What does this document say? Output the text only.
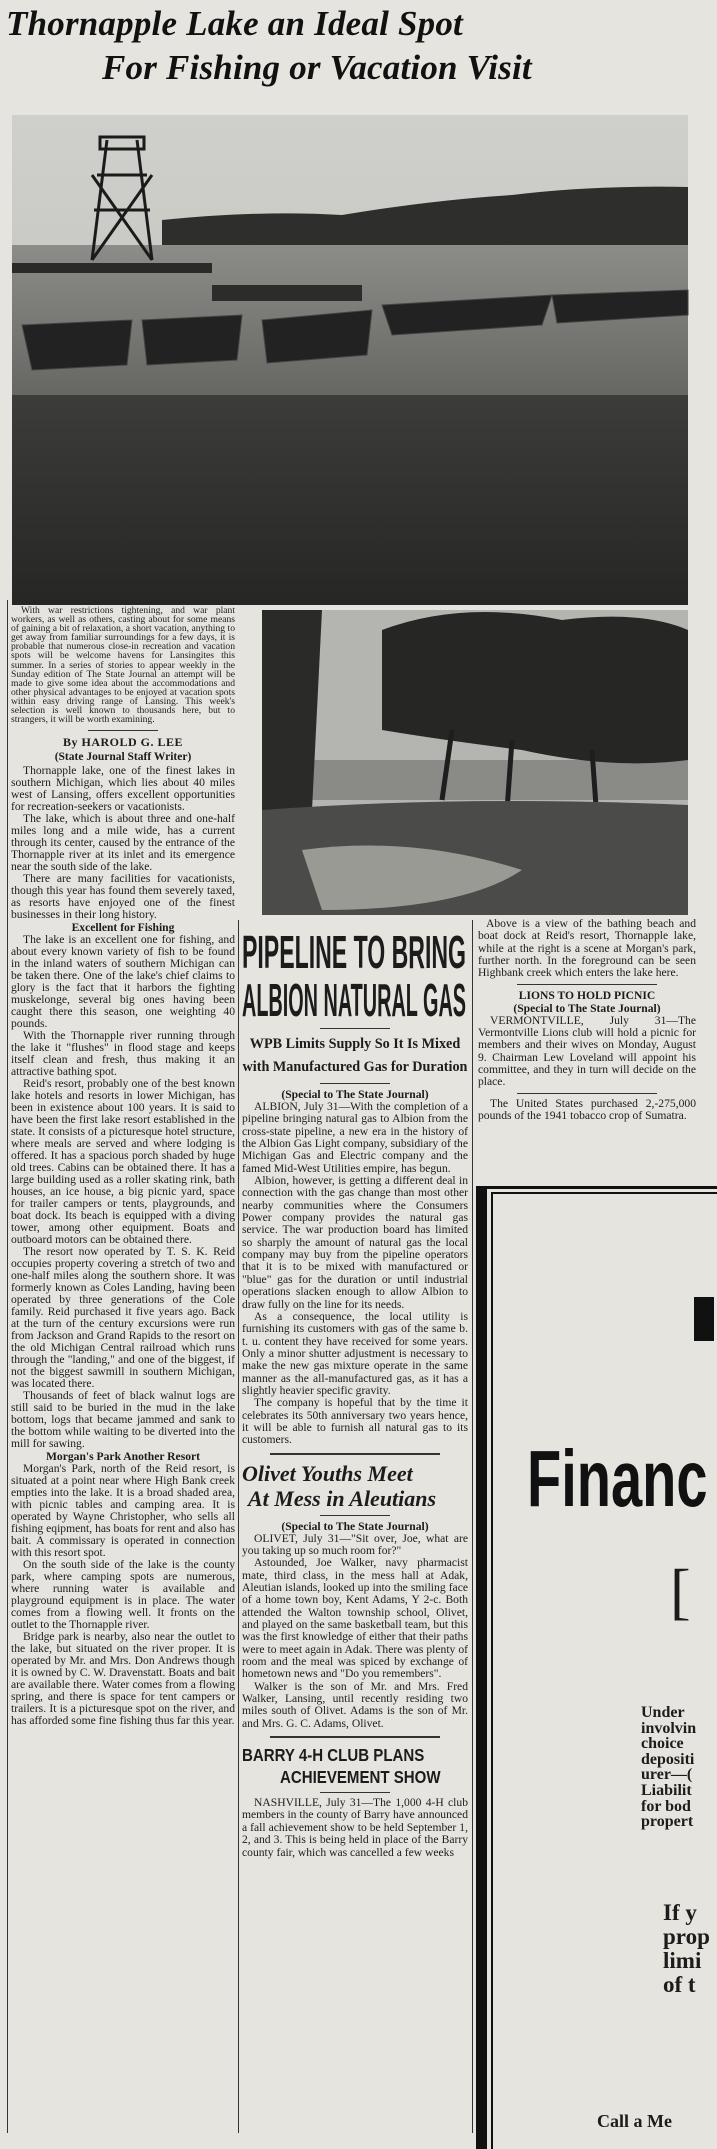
Thornapple Lake an Ideal Spot
For Fishing or Vacation Visit

With war restrictions tightening, and war plant workers, as well as others, casting about for some means of gaining a bit of relaxation, a short vacation, anything to get away from familiar surroundings for a few days, it is probable that numerous close-in recreation and vacation spots will be welcome havens for Lansingites this summer. In a series of stories to appear weekly in the Sunday edition of The State Journal an attempt will be made to give some idea about the accommodations and other physical advantages to be enjoyed at vacation spots within easy driving range of Lansing. This week's selection is well known to thousands here, but to strangers, it will be worth examining.

By HAROLD G. LEE
(State Journal Staff Writer)

Thornapple lake, one of the finest lakes in southern Michigan, which lies about 40 miles west of Lansing, offers excellent opportunities for recreation-seekers or vacationists.

The lake, which is about three and one-half miles long and a mile wide, has a current through its center, caused by the entrance of the Thornapple river at its inlet and its emergence near the south side of the lake.

There are many facilities for vacationists, though this year has found them severely taxed, as resorts have enjoyed one of the finest businesses in their long history.

Excellent for Fishing

The lake is an excellent one for fishing, and about every known variety of fish to be found in the inland waters of southern Michigan can be taken there. One of the lake's chief claims to glory is the fact that it harbors the fighting muskelonge, several big ones having been caught there this season, one weighting 40 pounds.

With the Thornapple river running through the lake it "flushes" in flood stage and keeps itself clean and fresh, thus making it an attractive bathing spot.

Reid's resort, probably one of the best known lake hotels and resorts in lower Michigan, has been in existence about 100 years. It is said to have been the first lake resort established in the state. It consists of a picturesque hotel structure, where meals are served and where lodging is offered. It has a spacious porch shaded by huge old trees. Cabins can be obtained there. It has a large building used as a roller skating rink, bath houses, an ice house, a big picnic yard, space for trailer campers or tents, playgrounds, and boat dock. Its beach is equipped with a diving tower, among other equipment. Boats and outboard motors can be obtained there.

The resort now operated by T. S. K. Reid occupies property covering a stretch of two and one-half miles along the southern shore. It was formerly known as Coles Landing, having been operated by three generations of the Cole family. Reid purchased it five years ago. Back at the turn of the century excursions were run from Jackson and Grand Rapids to the resort on the old Michigan Central railroad which runs through the "landing," and one of the biggest, if not the biggest sawmill in southern Michigan, was located there.

Thousands of feet of black walnut logs are still said to be buried in the mud in the lake bottom, logs that became jammed and sank to the bottom while waiting to be diverted into the mill for sawing.

Morgan's Park Another Resort

Morgan's Park, north of the Reid resort, is situated at a point near where High Bank creek empties into the lake. It is a broad shaded area, with picnic tables and camping area. It is operated by Wayne Christopher, who sells all fishing eqipment, has boats for rent and also has bait. A commissary is operated in connection with this resort spot.

On the south side of the lake is the county park, where camping spots are numerous, where running water is available and playground equipment is in place. The water comes from a flowing well. It fronts on the outlet to the Thornapple river.

Bridge park is nearby, also near the outlet to the lake, but situated on the river proper. It is operated by Mr. and Mrs. Don Andrews though it is owned by C. W. Dravenstatt. Boats and bait are available there. Water comes from a flowing spring, and there is space for tent campers or trailers. It is a picturesque spot on the river, and has afforded some fine fishing thus far this year.

PIPELINE TO BRING
ALBION NATURAL GAS
WPB Limits Supply So It Is Mixed with Manufactured Gas for Duration
(Special to The State Journal)

ALBION, July 31—With the completion of a pipeline bringing natural gas to Albion from the cross-state pipeline, a new era in the history of the Albion Gas Light company, subsidiary of the Michigan Gas and Electric company and the famed Mid-West Utilities empire, has begun.

Albion, however, is getting a different deal in connection with the gas change than most other nearby communities where the Consumers Power company provides the natural gas service. The war production board has limited so sharply the amount of natural gas the local company may buy from the pipeline operators that it is to be mixed with manufactured or "blue" gas for the duration or until industrial operations slacken enough to allow Albion to draw fully on the line for its needs.

As a consequence, the local utility is furnishing its customers with gas of the same b. t. u. content they have received for some years. Only a minor shutter adjustment is necessary to make the new gas mixture operate in the same manner as the all-manufactured gas, as it has a slightly heavier specific gravity.

The company is hopeful that by the time it celebrates its 50th anniversary two years hence, it will be able to furnish all natural gas to its customers.

Olivet Youths Meet
At Mess in Aleutians
(Special to The State Journal)

OLIVET, July 31—"Sit over, Joe, what are you taking up so much room for?"

Astounded, Joe Walker, navy pharmacist mate, third class, in the mess hall at Adak, Aleutian islands, looked up into the smiling face of a home town boy, Kent Adams, Y 2-c. Both attended the Walton township school, Olivet, and played on the same basketball team, but this was the first knowledge of either that their paths were to meet again in Adak. There was plenty of room and the meal was spiced by exchange of hometown news and "Do you remembers".

Walker is the son of Mr. and Mrs. Fred Walker, Lansing, until recently residing two miles south of Olivet. Adams is the son of Mr. and Mrs. G. C. Adams, Olivet.

BARRY 4-H CLUB PLANS
ACHIEVEMENT SHOW

NASHVILLE, July 31—The 1,000 4-H club members in the county of Barry have announced a fall achievement show to be held September 1, 2, and 3. This is being held in place of the Barry county fair, which was cancelled a few weeks

Above is a view of the bathing beach and boat dock at Reid's resort, Thornapple lake, while at the right is a scene at Morgan's park, further north. In the foreground can be seen Highbank creek which enters the lake here.

LIONS TO HOLD PICNIC
(Special to The State Journal)

VERMONTVILLE, July 31—The Vermontville Lions club will hold a picnic for members and their wives on Monday, August 9. Chairman Lew Loveland will appoint his committee, and they in turn will decide on the place.

The United States purchased 2,-275,000 pounds of the 1941 tobacco crop of Sumatra.

Financ
[
Under
involvin
choice
depositi
urer—(
Liabilit
for bod
propert
If y
prop
limi
of t
Call a Me
